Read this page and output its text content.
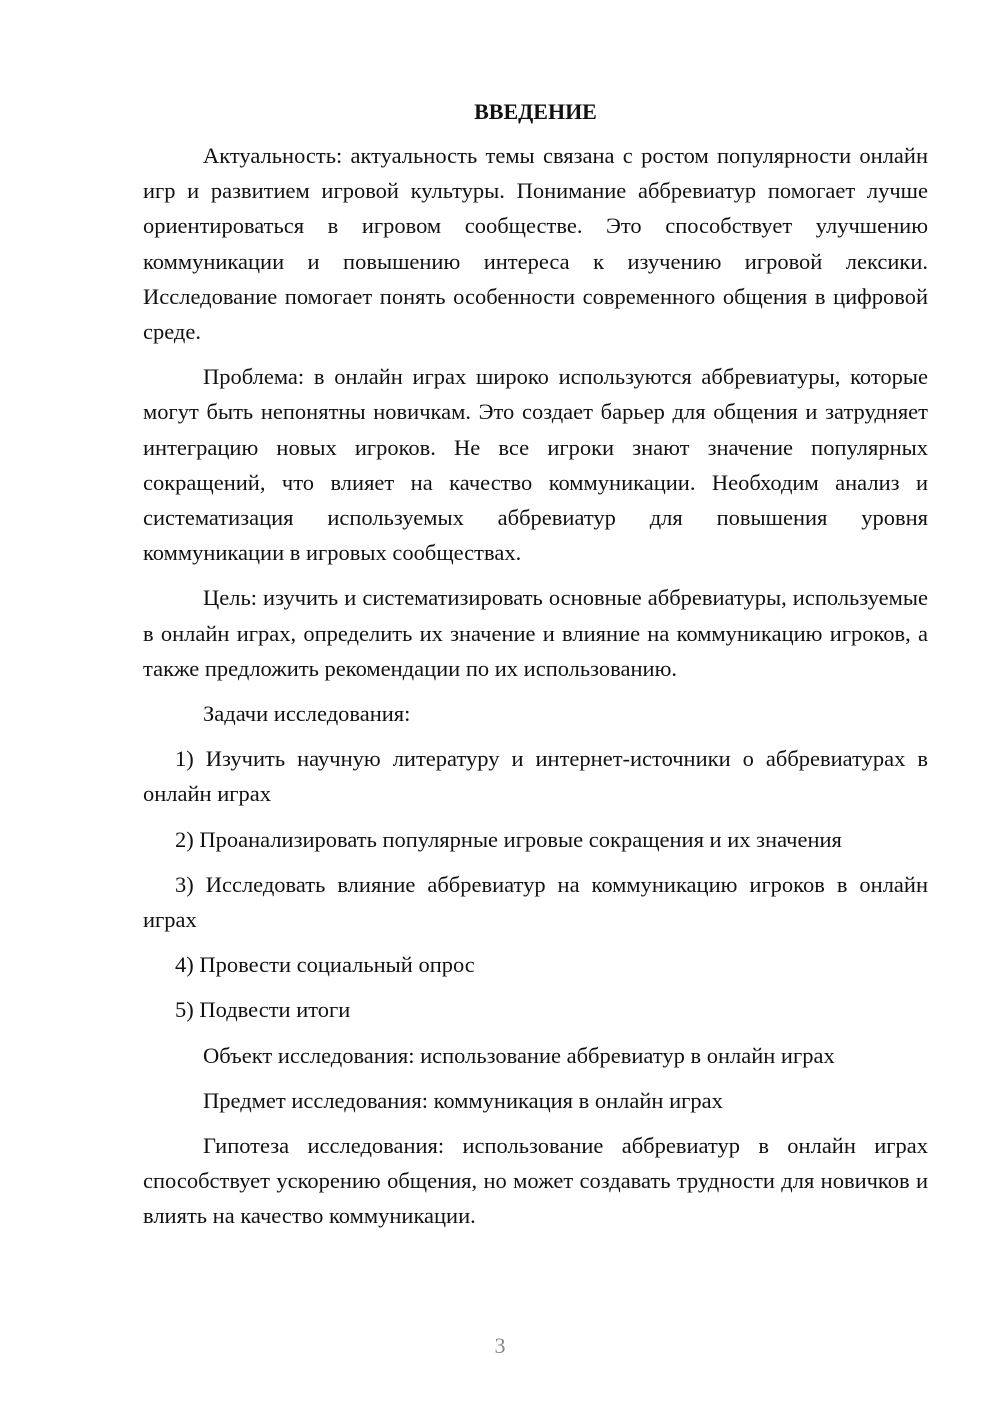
ВВЕДЕНИЕ

Актуальность: актуальность темы связана с ростом популярности онлайн игр и развитием игровой культуры. Понимание аббревиатур помогает лучше ориентироваться в игровом сообществе. Это способствует улучшению коммуникации и повышению интереса к изучению игровой лексики. Исследование помогает понять особенности современного общения в цифровой среде.

Проблема: в онлайн играх широко используются аббревиатуры, которые могут быть непонятны новичкам. Это создает барьер для общения и затрудняет интеграцию новых игроков. Не все игроки знают значение популярных сокращений, что влияет на качество коммуникации. Необходим анализ и систематизация используемых аббревиатур для повышения уровня коммуникации в игровых сообществах.

Цель: изучить и систематизировать основные аббревиатуры, используемые в онлайн играх, определить их значение и влияние на коммуникацию игроков, а также предложить рекомендации по их использованию.

Задачи исследования:

1) Изучить научную литературу и интернет-источники о аббревиатурах в онлайн играх

2) Проанализировать популярные игровые сокращения и их значения

3) Исследовать влияние аббревиатур на коммуникацию игроков в онлайн играх

4) Провести социальный опрос

5) Подвести итоги

Объект исследования: использование аббревиатур в онлайн играх

Предмет исследования: коммуникация в онлайн играх

Гипотеза исследования: использование аббревиатур в онлайн играх способствует ускорению общения, но может создавать трудности для новичков и влиять на качество коммуникации.

3
